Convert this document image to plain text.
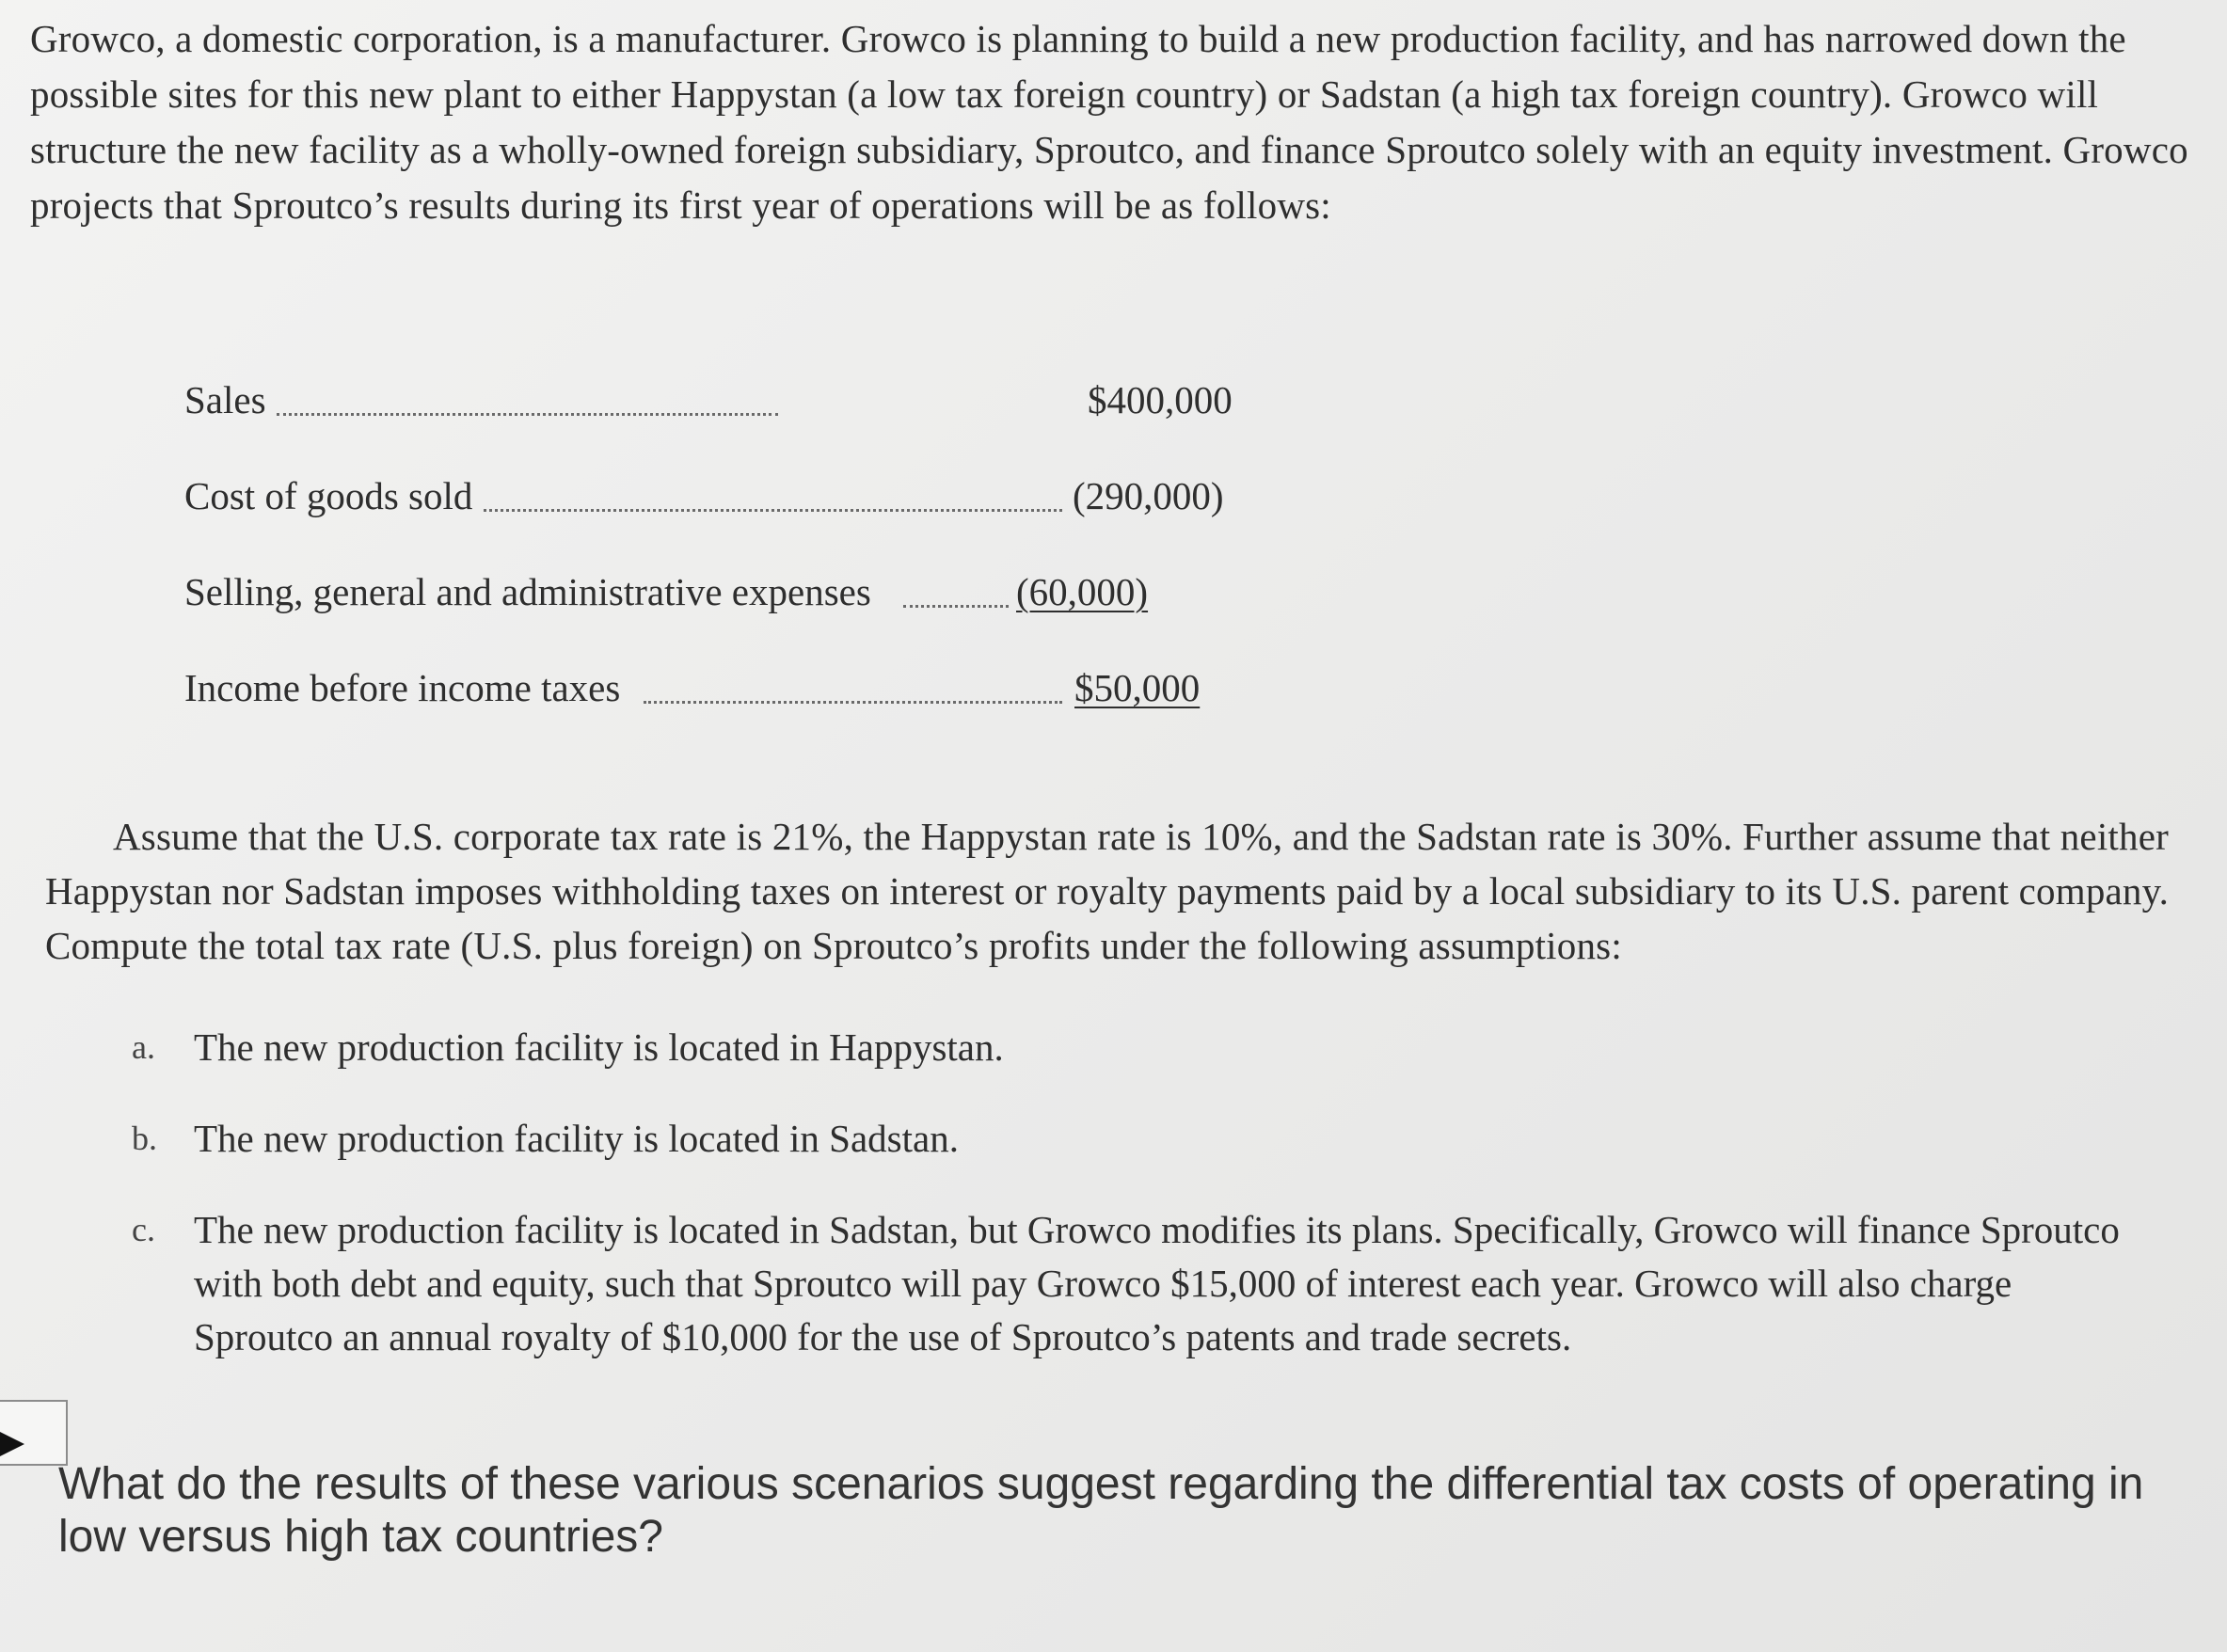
Growco, a domestic corporation, is a manufacturer. Growco is planning to build a new production facility, and has narrowed down the possible sites for this new plant to either Happystan (a low tax foreign country) or Sadstan (a high tax foreign country). Growco will structure the new facility as a wholly-owned foreign subsidiary, Sproutco, and finance Sproutco solely with an equity investment. Growco projects that Sproutco’s results during its first year of operations will be as follows:

Sales	$400,000
Cost of goods sold	(290,000)
Selling, general and administrative expenses	(60,000)
Income before income taxes	$50,000

Assume that the U.S. corporate tax rate is 21%, the Happystan rate is 10%, and the Sadstan rate is 30%. Further assume that neither Happystan nor Sadstan imposes withholding taxes on interest or royalty payments paid by a local subsidiary to its U.S. parent company. Compute the total tax rate (U.S. plus foreign) on Sproutco’s profits under the following assumptions:

a. The new production facility is located in Happystan.
b. The new production facility is located in Sadstan.
c. The new production facility is located in Sadstan, but Growco modifies its plans. Specifically, Growco will finance Sproutco with both debt and equity, such that Sproutco will pay Growco $15,000 of interest each year. Growco will also charge Sproutco an annual royalty of $10,000 for the use of Sproutco’s patents and trade secrets.
What do the results of these various scenarios suggest regarding the differential tax costs of operating in low versus high tax countries?
